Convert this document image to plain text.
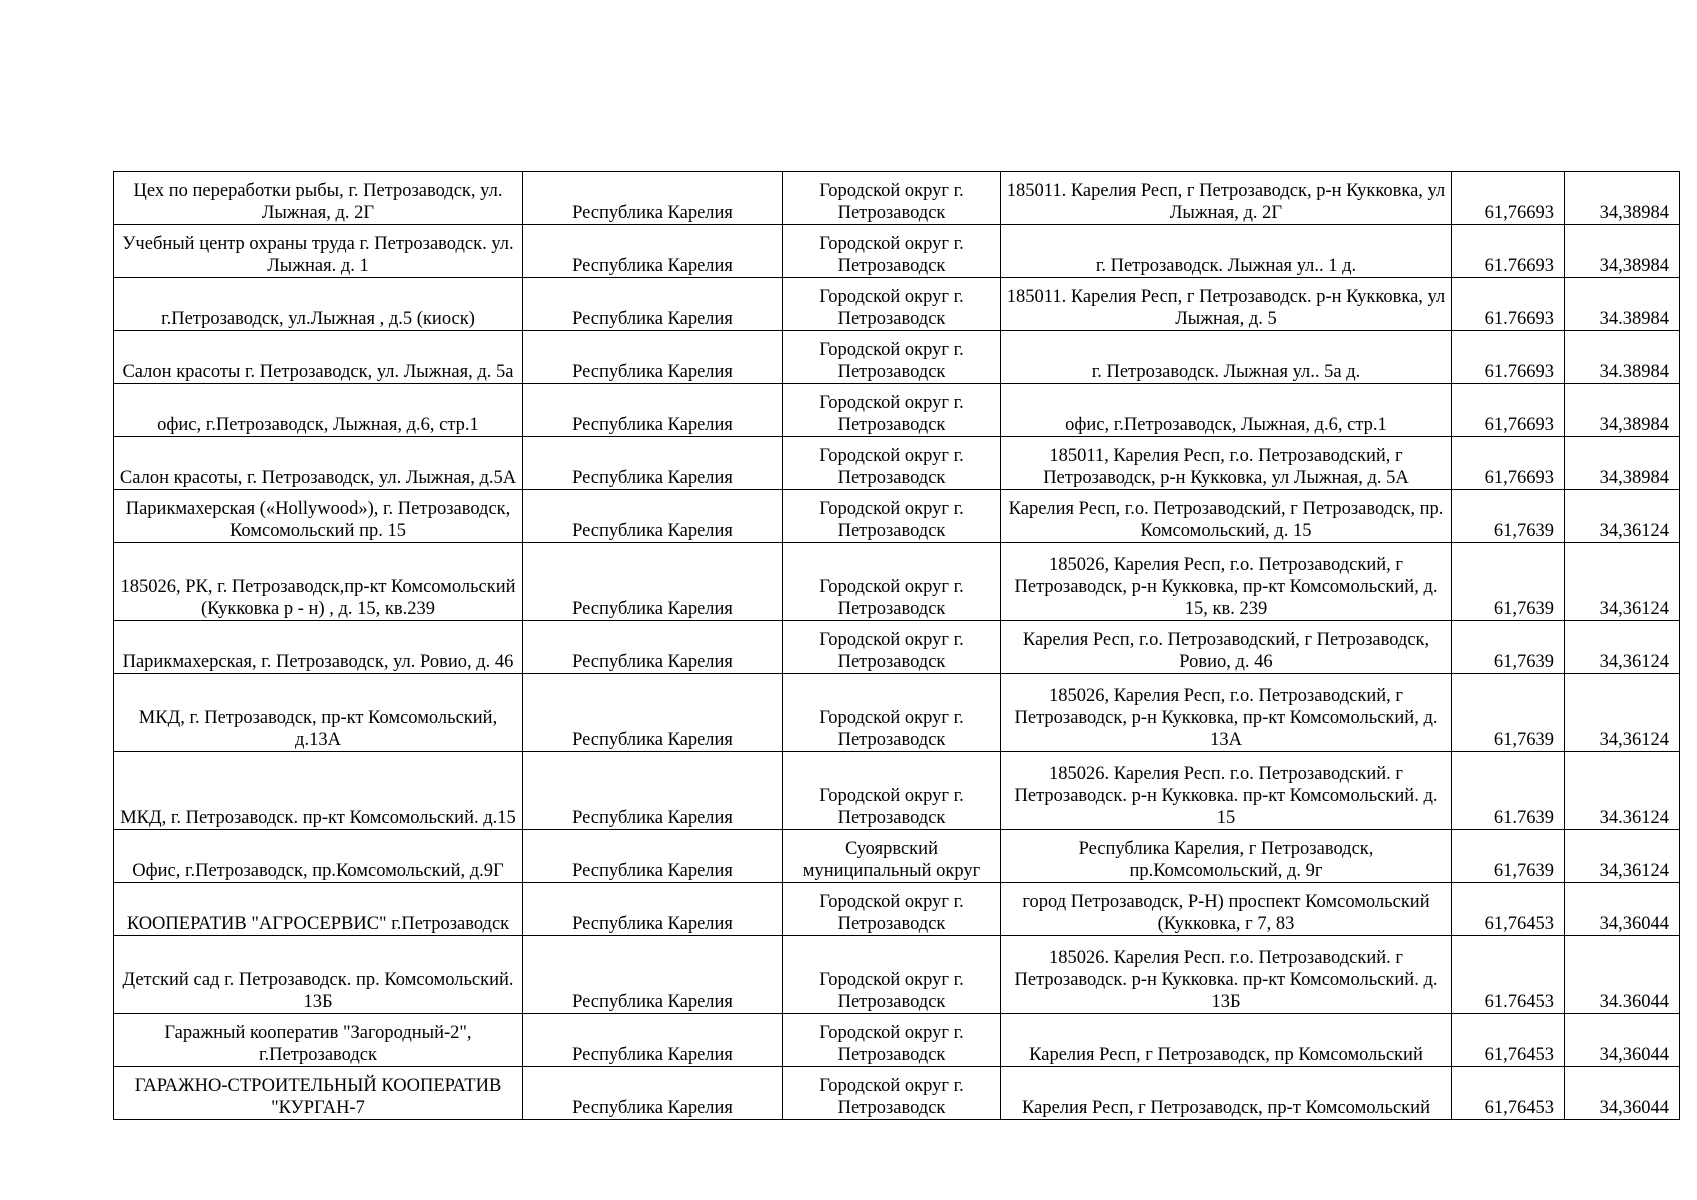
Цех по переработки рыбы, г. Петрозаводск, ул. Лыжная, д. 2Г	Республика Карелия	Городской округ г. Петрозаводск	185011. Карелия Респ, г Петрозаводск, р-н Кукковка, ул Лыжная, д. 2Г	61,76693	34,38984
Учебный центр охраны труда г. Петрозаводск. ул. Лыжная. д. 1	Республика Карелия	Городской округ г. Петрозаводск	г. Петрозаводск. Лыжная ул.. 1 д.	61.76693	34,38984
г.Петрозаводск, ул.Лыжная , д.5 (киоск)	Республика Карелия	Городской округ г. Петрозаводск	185011. Карелия Респ, г Петрозаводск. р-н Кукковка, ул Лыжная, д. 5	61.76693	34.38984
Салон красоты г. Петрозаводск, ул. Лыжная, д. 5а	Республика Карелия	Городской округ г. Петрозаводск	г. Петрозаводск. Лыжная ул.. 5а д.	61.76693	34.38984
офис, г.Петрозаводск, Лыжная, д.6, стр.1	Республика Карелия	Городской округ г. Петрозаводск	офис, г.Петрозаводск, Лыжная, д.6, стр.1	61,76693	34,38984
Салон красоты, г. Петрозаводск, ул. Лыжная, д.5А	Республика Карелия	Городской округ г. Петрозаводск	185011, Карелия Респ, г.о. Петрозаводский, г Петрозаводск, р-н Кукковка, ул Лыжная, д. 5А	61,76693	34,38984
Парикмахерская («Hollywood»), г. Петрозаводск, Комсомольский пр. 15	Республика Карелия	Городской округ г. Петрозаводск	Карелия Респ, г.о. Петрозаводский, г Петрозаводск, пр. Комсомольский, д. 15	61,7639	34,36124
185026, РК, г. Петрозаводск,пр-кт Комсомольский (Кукковка р - н) , д. 15, кв.239	Республика Карелия	Городской округ г. Петрозаводск	185026, Карелия Респ, г.о. Петрозаводский, г Петрозаводск, р-н Кукковка, пр-кт Комсомольский, д. 15, кв. 239	61,7639	34,36124
Парикмахерская, г. Петрозаводск, ул. Ровио, д. 46	Республика Карелия	Городской округ г. Петрозаводск	Карелия Респ, г.о. Петрозаводский, г Петрозаводск, Ровио, д. 46	61,7639	34,36124
МКД, г. Петрозаводск, пр-кт Комсомольский, д.13А	Республика Карелия	Городской округ г. Петрозаводск	185026, Карелия Респ, г.о. Петрозаводский, г Петрозаводск, р-н Кукковка, пр-кт Комсомольский, д. 13А	61,7639	34,36124
МКД, г. Петрозаводск. пр-кт Комсомольский. д.15	Республика Карелия	Городской округ г. Петрозаводск	185026. Карелия Респ. г.о. Петрозаводский. г Петрозаводск. р-н Кукковка. пр-кт Комсомольский. д. 15	61.7639	34.36124
Офис, г.Петрозаводск, пр.Комсомольский, д.9Г	Республика Карелия	Суоярвский муниципальный округ	Республика Карелия, г Петрозаводск, пр.Комсомольский, д. 9г	61,7639	34,36124
КООПЕРАТИВ "АГРОСЕРВИС" г.Петрозаводск	Республика Карелия	Городской округ г. Петрозаводск	город Петрозаводск, Р-Н) проспект Комсомольский (Кукковка, г 7, 83	61,76453	34,36044
Детский сад г. Петрозаводск. пр. Комсомольский. 13Б	Республика Карелия	Городской округ г. Петрозаводск	185026. Карелия Респ. г.о. Петрозаводский. г Петрозаводск. р-н Кукковка. пр-кт Комсомольский. д. 13Б	61.76453	34.36044
Гаражный кооператив "Загородный-2", г.Петрозаводск	Республика Карелия	Городской округ г. Петрозаводск	Карелия Респ, г Петрозаводск, пр Комсомольский	61,76453	34,36044
ГАРАЖНО-СТРОИТЕЛЬНЫЙ КООПЕРАТИВ "КУРГАН-7	Республика Карелия	Городской округ г. Петрозаводск	Карелия Респ, г Петрозаводск, пр-т Комсомольский	61,76453	34,36044
